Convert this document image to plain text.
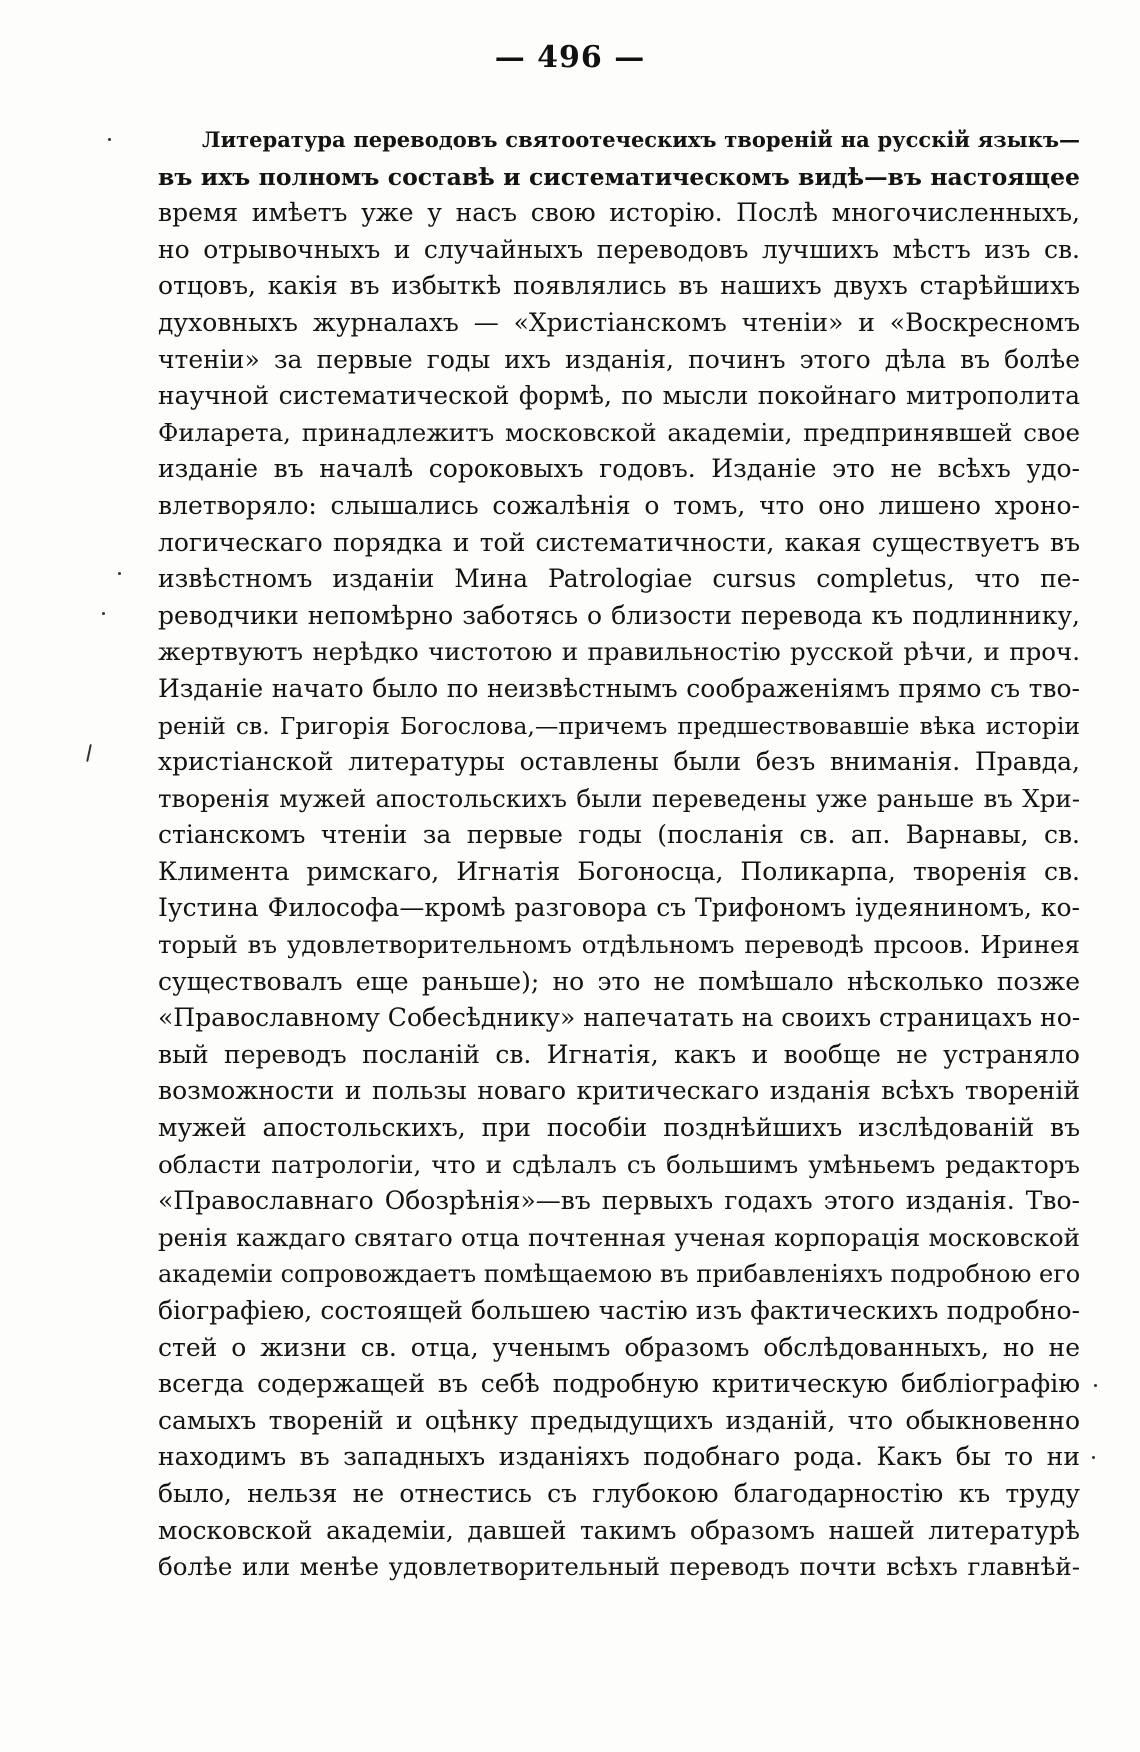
— 496 —
Литература переводовъ святоотеческихъ твореній на русскій языкъ—
въ ихъ полномъ составѣ и систематическомъ видѣ—въ настоящее
время имѣетъ уже у насъ свою исторію. Послѣ многочисленныхъ,
но отрывочныхъ и случайныхъ переводовъ лучшихъ мѣстъ изъ св.
отцовъ, какія въ избыткѣ появлялись въ нашихъ двухъ старѣйшихъ
духовныхъ журналахъ — «Христіанскомъ чтеніи» и «Воскресномъ
чтеніи» за первые годы ихъ изданія, починъ этого дѣла въ болѣе
научной систематической формѣ, по мысли покойнаго митрополита
Филарета, принадлежитъ московской академіи, предпринявшей свое
изданіе въ началѣ сороковыхъ годовъ. Изданіе это не всѣхъ удо-
влетворяло: слышались сожалѣнія о томъ, что оно лишено хроно-
логическаго порядка и той систематичности, какая существуетъ въ
извѣстномъ изданіи Мина Patrologiae cursus completus, что пе-
реводчики непомѣрно заботясь о близости перевода къ подлиннику,
жертвуютъ нерѣдко чистотою и правильностію русской рѣчи, и проч.
Изданіе начато было по неизвѣстнымъ соображеніямъ прямо съ тво-
реній св. Григорія Богослова,—причемъ предшествовавшіе вѣка исторіи
христіанской литературы оставлены были безъ вниманія. Правда,
творенія мужей апостольскихъ были переведены уже раньше въ Хри-
стіанскомъ чтеніи за первые годы (посланія св. ап. Варнавы, св.
Климента римскаго, Игнатія Богоносца, Поликарпа, творенія св.
Іустина Философа—кромѣ разговора съ Трифономъ іудеяниномъ, ко-
торый въ удовлетворительномъ отдѣльномъ переводѣ прсоов. Иринея
существовалъ еще раньше); но это не помѣшало нѣсколько позже
«Православному Собесѣднику» напечатать на своихъ страницахъ но-
вый переводъ посланій св. Игнатія, какъ и вообще не устраняло
возможности и пользы новаго критическаго изданія всѣхъ твореній
мужей апостольскихъ, при пособіи позднѣйшихъ изслѣдованій въ
области патрологіи, что и сдѣлалъ съ большимъ умѣньемъ редакторъ
«Православнаго Обозрѣнія»—въ первыхъ годахъ этого изданія. Тво-
ренія каждаго святаго отца почтенная ученая корпорація московской
академіи сопровождаетъ помѣщаемою въ прибавленіяхъ подробною его
біографіею, состоящей большею частію изъ фактическихъ подробно-
стей о жизни св. отца, ученымъ образомъ обслѣдованныхъ, но не
всегда содержащей въ себѣ подробную критическую библіографію
самыхъ твореній и оцѣнку предыдущихъ изданій, что обыкновенно
находимъ въ западныхъ изданіяхъ подобнаго рода. Какъ бы то ни
было, нельзя не отнестись съ глубокою благодарностію къ труду
московской академіи, давшей такимъ образомъ нашей литературѣ
болѣе или менѣе удовлетворительный переводъ почти всѣхъ главнѣй-
